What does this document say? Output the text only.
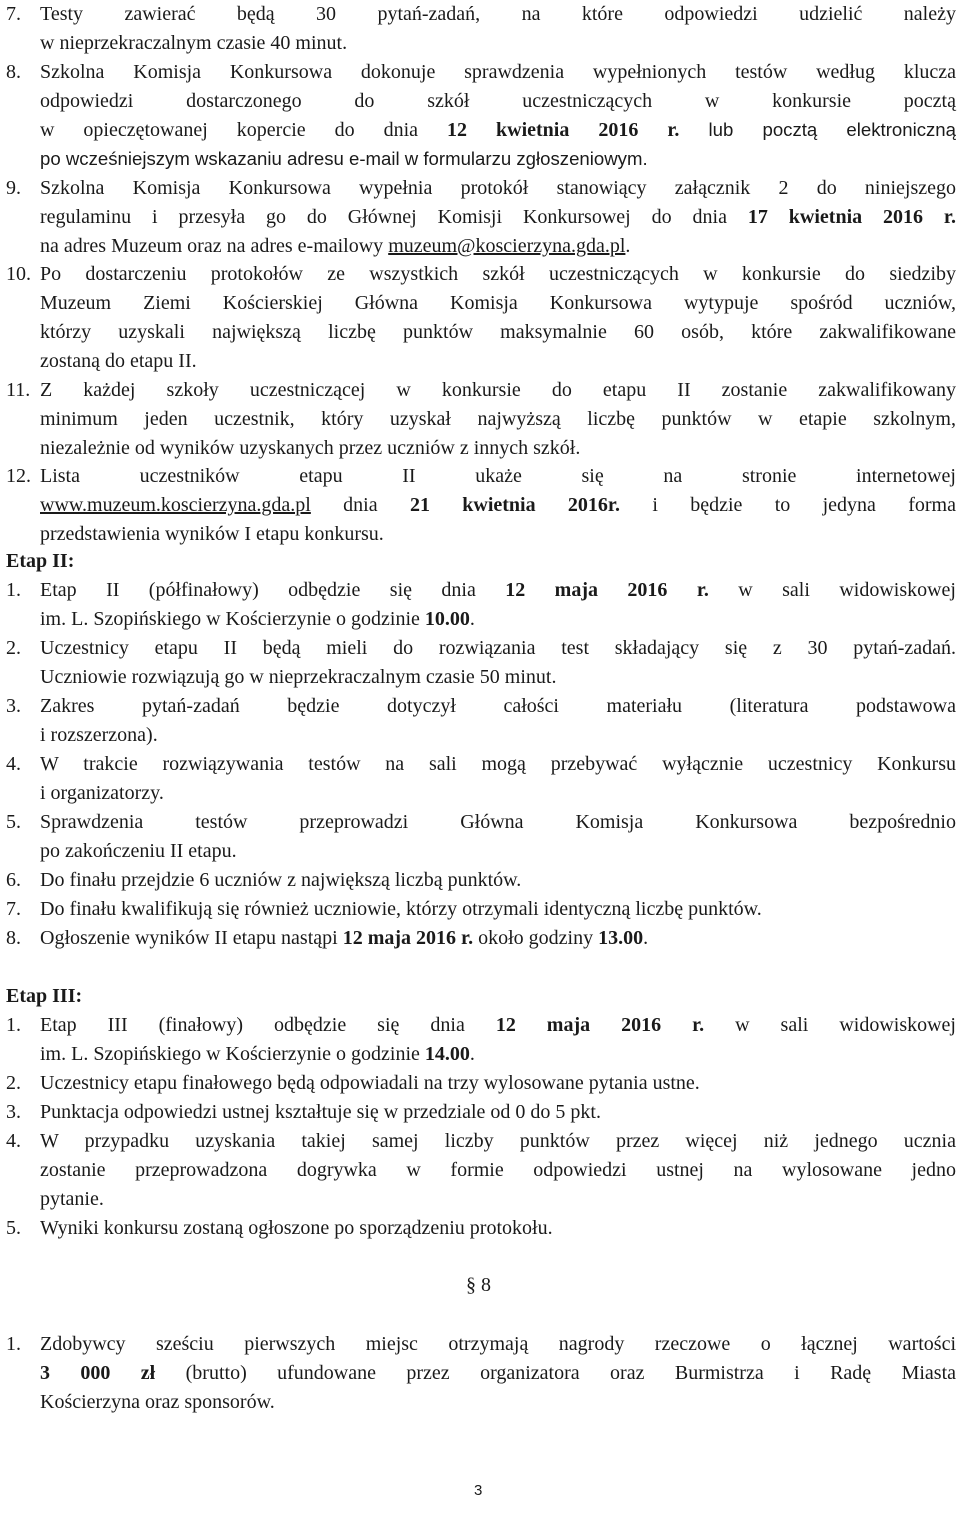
7. Testy zawierać będą 30 pytań-zadań, na które odpowiedzi udzielić należy
w nieprzekraczalnym czasie 40 minut.
8. Szkolna Komisja Konkursowa dokonuje sprawdzenia wypełnionych testów według klucza
odpowiedzi dostarczonego do szkół uczestniczących w konkursie pocztą
w opieczętowanej kopercie do dnia 12 kwietnia 2016 r. lub pocztą elektroniczną
po wcześniejszym wskazaniu adresu e-mail w formularzu zgłoszeniowym.
9. Szkolna Komisja Konkursowa wypełnia protokół stanowiący załącznik 2 do niniejszego
regulaminu i przesyła go do Głównej Komisji Konkursowej do dnia 17 kwietnia 2016 r.
na adres Muzeum oraz na adres e-mailowy muzeum@koscierzyna.gda.pl.
10. Po dostarczeniu protokołów ze wszystkich szkół uczestniczących w konkursie do siedziby
Muzeum Ziemi Kościerskiej Główna Komisja Konkursowa wytypuje spośród uczniów,
którzy uzyskali największą liczbę punktów maksymalnie 60 osób, które zakwalifikowane
zostaną do etapu II.
11. Z każdej szkoły uczestniczącej w konkursie do etapu II zostanie zakwalifikowany
minimum jeden uczestnik, który uzyskał najwyższą liczbę punktów w etapie szkolnym,
niezależnie od wyników uzyskanych przez uczniów z innych szkół.
12. Lista uczestników etapu II ukaże się na stronie internetowej
www.muzeum.koscierzyna.gda.pl dnia 21 kwietnia 2016r. i będzie to jedyna forma
przedstawienia wyników I etapu konkursu.
Etap II:
1. Etap II (półfinałowy) odbędzie się dnia 12 maja 2016 r. w sali widowiskowej
im. L. Szopińskiego w Kościerzynie o godzinie 10.00.
2. Uczestnicy etapu II będą mieli do rozwiązania test składający się z 30 pytań-zadań.
Uczniowie rozwiązują go w nieprzekraczalnym czasie 50 minut.
3. Zakres pytań-zadań będzie dotyczył całości materiału (literatura podstawowa
i rozszerzona).
4. W trakcie rozwiązywania testów na sali mogą przebywać wyłącznie uczestnicy Konkursu
i organizatorzy.
5. Sprawdzenia testów przeprowadzi Główna Komisja Konkursowa bezpośrednio
po zakończeniu II etapu.
6. Do finału przejdzie 6 uczniów z największą liczbą punktów.
7. Do finału kwalifikują się również uczniowie, którzy otrzymali identyczną liczbę punktów.
8. Ogłoszenie wyników II etapu nastąpi 12 maja 2016 r. około godziny 13.00.
Etap III:
1. Etap III (finałowy) odbędzie się dnia 12 maja 2016 r. w sali widowiskowej
im. L. Szopińskiego w Kościerzynie o godzinie 14.00.
2. Uczestnicy etapu finałowego będą odpowiadali na trzy wylosowane pytania ustne.
3. Punktacja odpowiedzi ustnej kształtuje się w przedziale od 0 do 5 pkt.
4. W przypadku uzyskania takiej samej liczby punktów przez więcej niż jednego ucznia
zostanie przeprowadzona dogrywka w formie odpowiedzi ustnej na wylosowane jedno
pytanie.
5. Wyniki konkursu zostaną ogłoszone po sporządzeniu protokołu.
§ 8
1. Zdobywcy sześciu pierwszych miejsc otrzymają nagrody rzeczowe o łącznej wartości
3 000 zł (brutto) ufundowane przez organizatora oraz Burmistrza i Radę Miasta
Kościerzyna oraz sponsorów.
3
